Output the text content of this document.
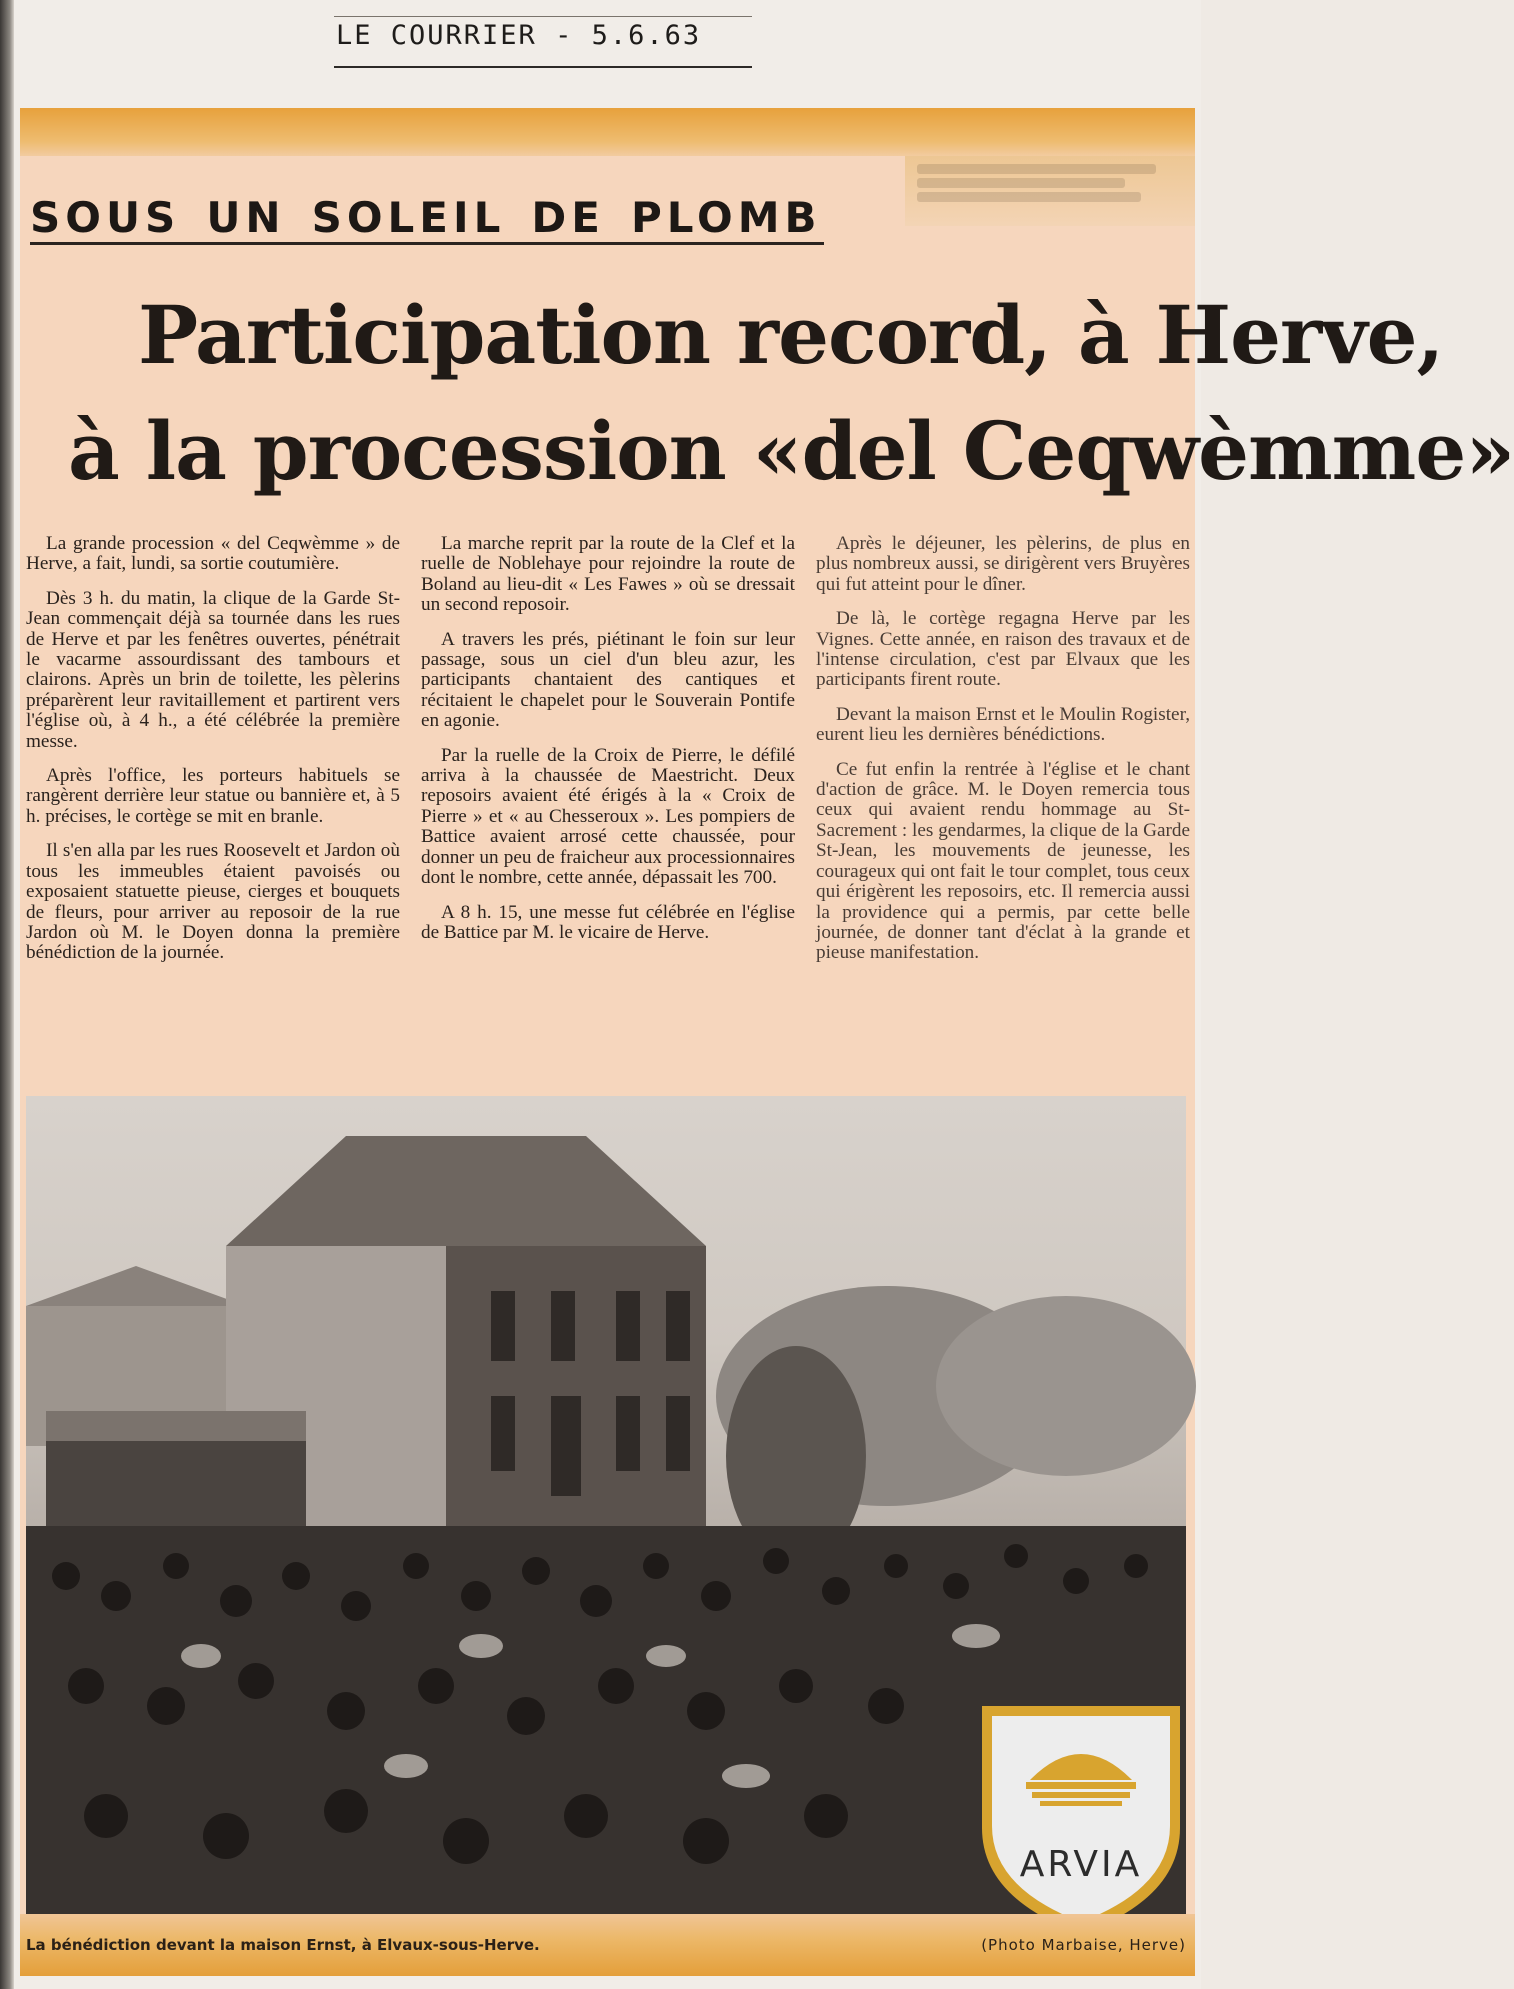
LE COURRIER - 5.6.63
SOUS UN SOLEIL DE PLOMB
Participation record, à Herve,
à la procession «del Ceqwèmme»

La grande procession « del Ceqwèmme » de Herve, a fait, lundi, sa sortie coutumière.

Dès 3 h. du matin, la clique de la Garde St-Jean commençait déjà sa tournée dans les rues de Herve et par les fenêtres ouvertes, pénétrait le vacarme assourdissant des tambours et clairons. Après un brin de toilette, les pèlerins préparèrent leur ravitaillement et partirent vers l'église où, à 4 h., a été célébrée la première messe.

Après l'office, les porteurs habituels se rangèrent derrière leur statue ou bannière et, à 5 h. précises, le cortège se mit en branle.

Il s'en alla par les rues Roosevelt et Jardon où tous les immeubles étaient pavoisés ou exposaient statuette pieuse, cierges et bouquets de fleurs, pour arriver au reposoir de la rue Jardon où M. le Doyen donna la première bénédiction de la journée.

La marche reprit par la route de la Clef et la ruelle de Noblehaye pour rejoindre la route de Boland au lieu-dit « Les Fawes » où se dressait un second reposoir.

A travers les prés, piétinant le foin sur leur passage, sous un ciel d'un bleu azur, les participants chantaient des cantiques et récitaient le chapelet pour le Souverain Pontife en agonie.

Par la ruelle de la Croix de Pierre, le défilé arriva à la chaussée de Maestricht. Deux reposoirs avaient été érigés à la « Croix de Pierre » et « au Chesseroux ». Les pompiers de Battice avaient arrosé cette chaussée, pour donner un peu de fraicheur aux processionnaires dont le nombre, cette année, dépassait les 700.

A 8 h. 15, une messe fut célébrée en l'église de Battice par M. le vicaire de Herve.

Après le déjeuner, les pèlerins, de plus en plus nombreux aussi, se dirigèrent vers Bruyères qui fut atteint pour le dîner.

De là, le cortège regagna Herve par les Vignes. Cette année, en raison des travaux et de l'intense circulation, c'est par Elvaux que les participants firent route.

Devant la maison Ernst et le Moulin Rogister, eurent lieu les dernières bénédictions.

Ce fut enfin la rentrée à l'église et le chant d'action de grâce. M. le Doyen remercia tous ceux qui avaient rendu hommage au St-Sacrement : les gendarmes, la clique de la Garde St-Jean, les mouvements de jeunesse, les courageux qui ont fait le tour complet, tous ceux qui érigèrent les reposoirs, etc. Il remercia aussi la providence qui a permis, par cette belle journée, de donner tant d'éclat à la grande et pieuse manifestation.

ARVIA
La bénédiction devant la maison Ernst, à Elvaux-sous-Herve.	(Photo Marbaise, Herve)
